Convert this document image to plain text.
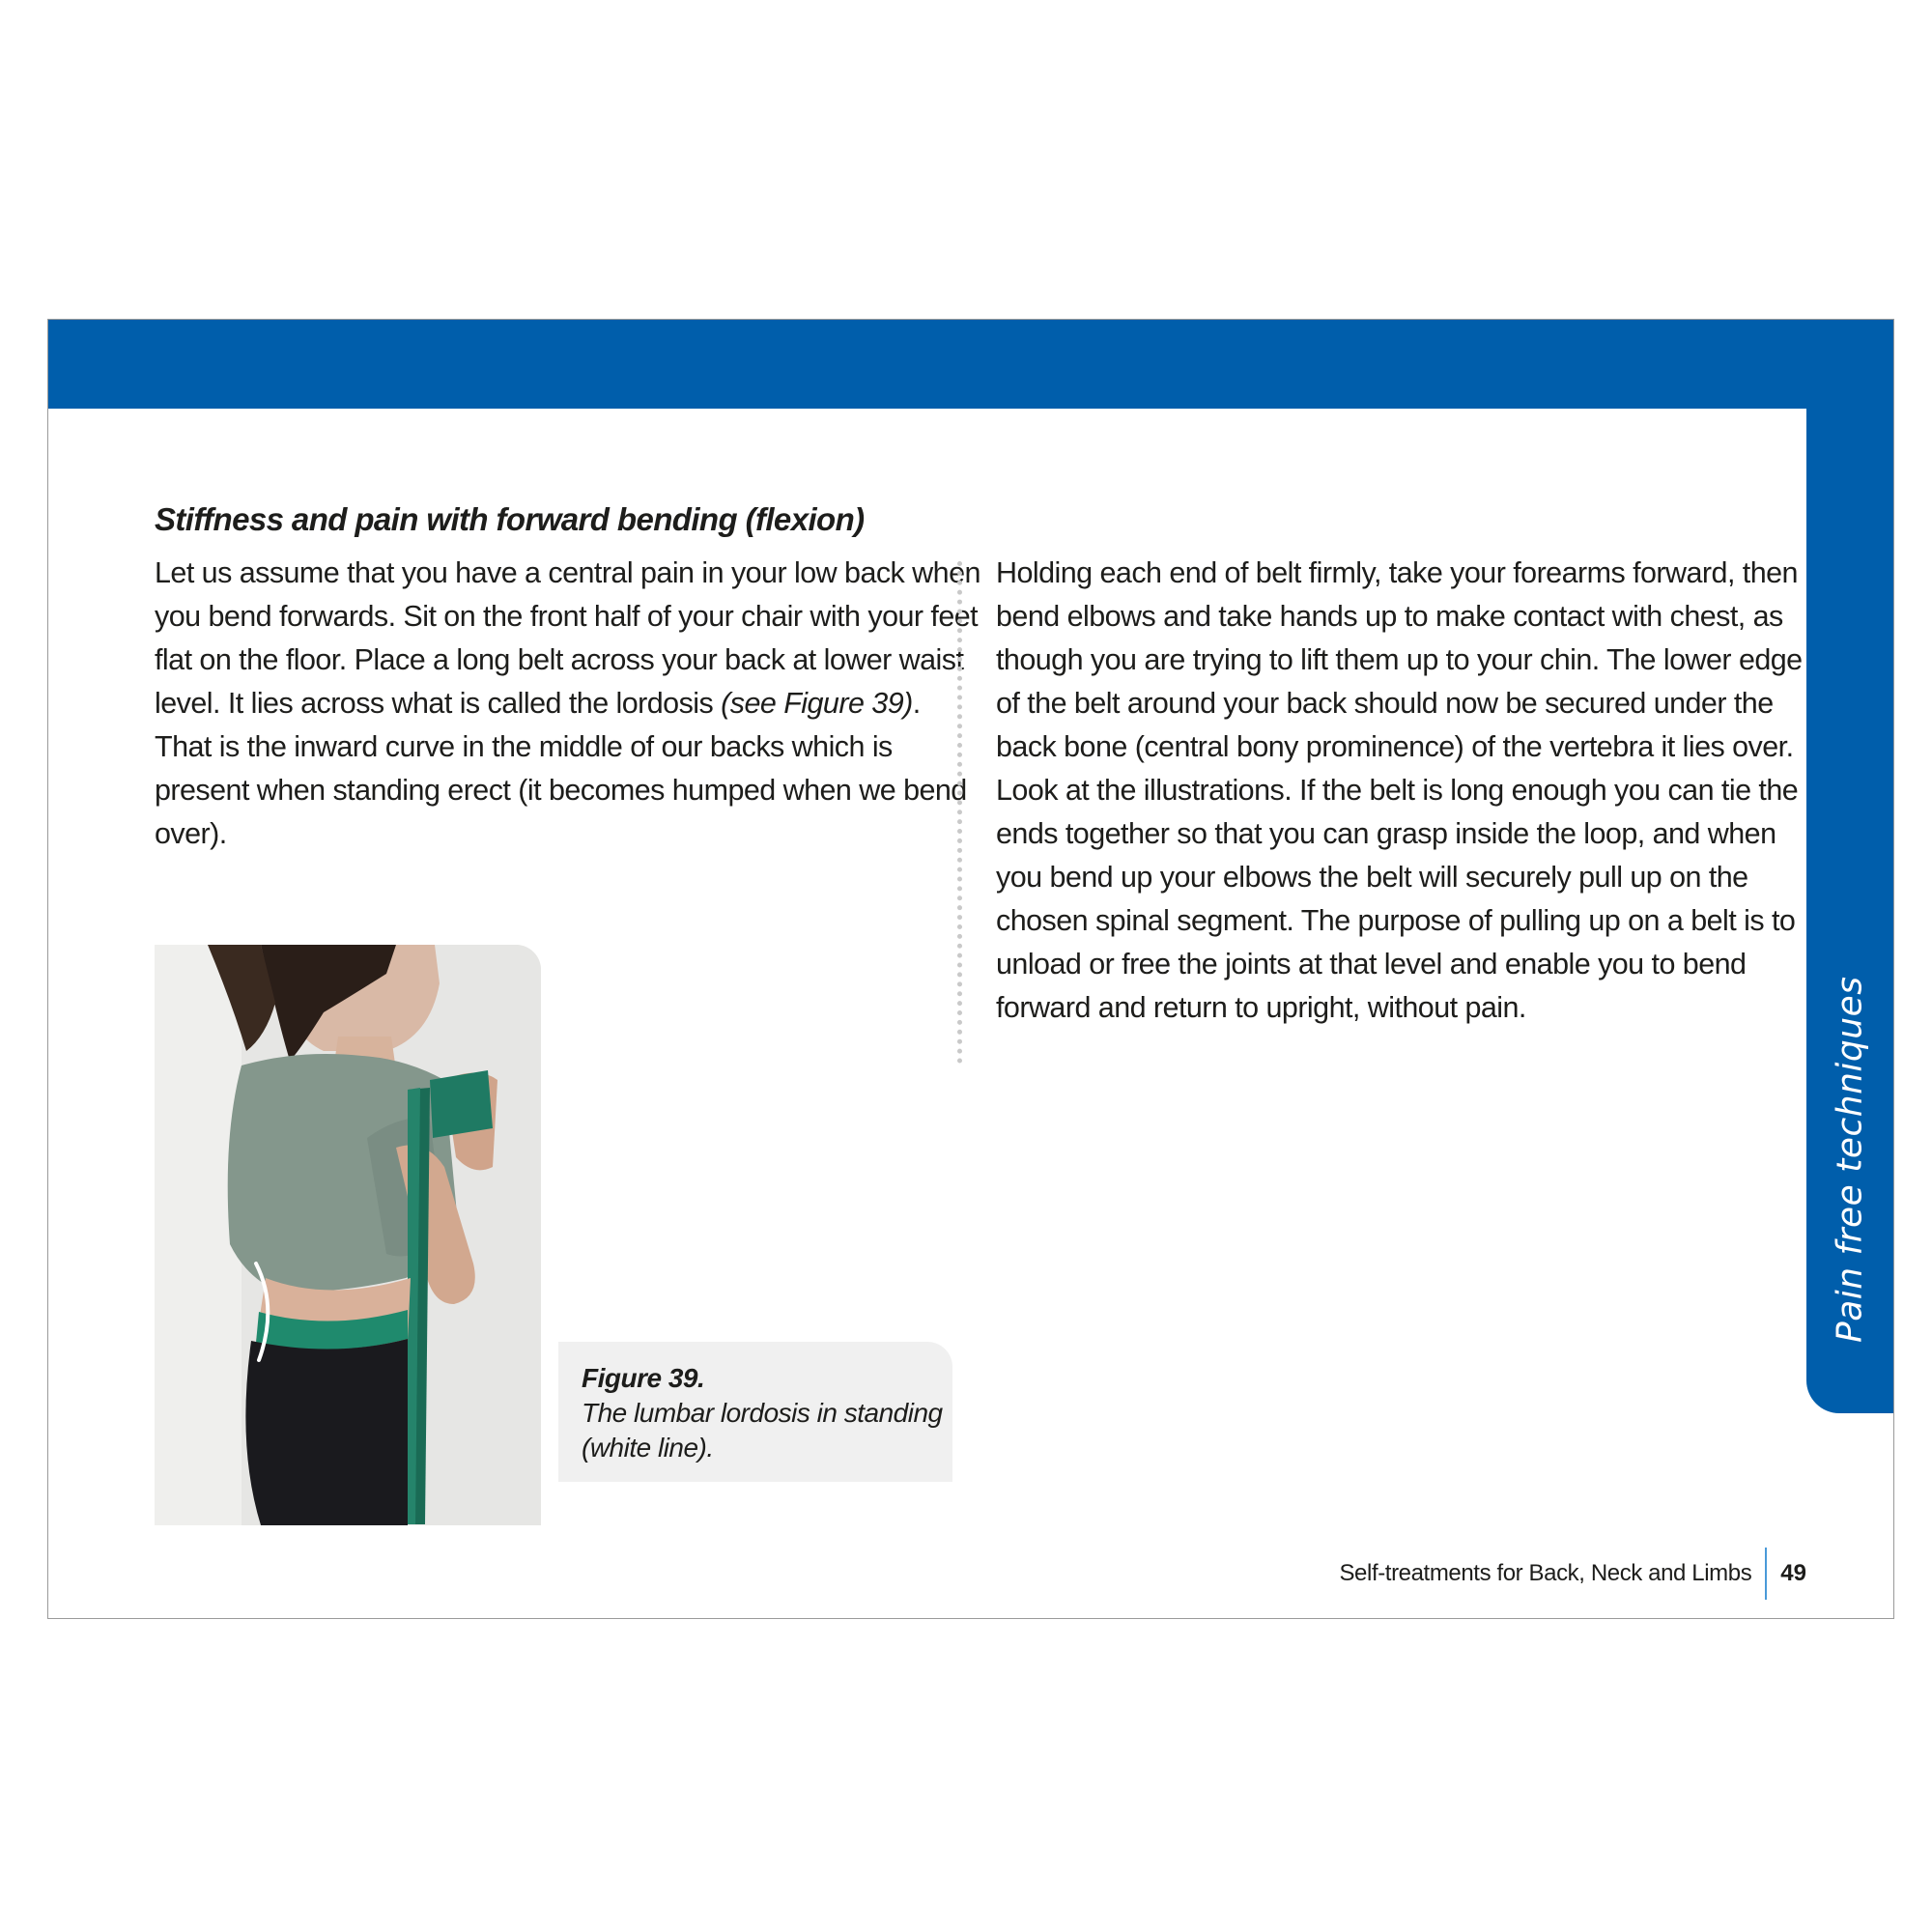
Pain free techniques
Stiffness and pain with forward bending (flexion)

Let us assume that you have a central pain in your low back when you bend forwards. Sit on the front half of your chair with your feet flat on the floor. Place a long belt across your back at lower waist level. It lies across what is called the lordosis (see Figure 39). That is the inward curve in the middle of our backs which is present when standing erect (it becomes humped when we bend over).

Holding each end of belt firmly, take your forearms forward, then bend elbows and take hands up to make contact with chest, as though you are trying to lift them up to your chin. The lower edge of the belt around your back should now be secured under the back bone (central bony prominence) of the vertebra it lies over. Look at the illustrations. If the belt is long enough you can tie the ends together so that you can grasp inside the loop, and when you bend up your elbows the belt will securely pull up on the chosen spinal segment. The purpose of pulling up on a belt is to unload or free the joints at that level and enable you to bend forward and return to upright, without pain.

Figure 39.
The lumbar lordosis in standing (white line).
Self-treatments for Back, Neck and Limbs 49
